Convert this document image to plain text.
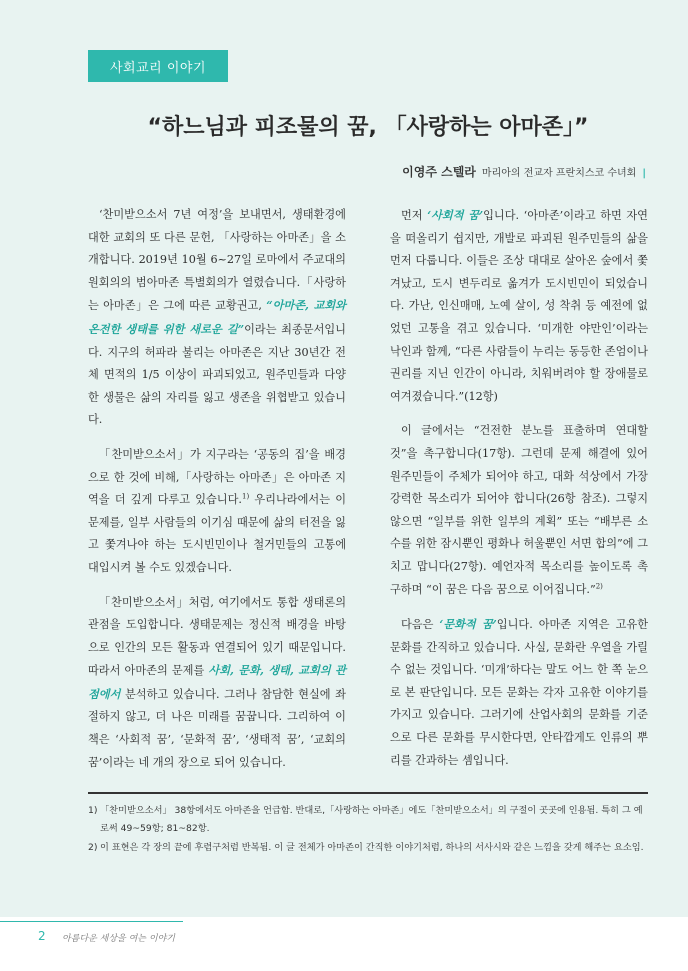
사회교리 이야기
“하느님과 피조물의 꿈, 「사랑하는 아마존」”
이영주 스텔라 마리아의 전교자 프란치스코 수녀회 |

‘찬미받으소서 7년 여정’을 보내면서, 생태환경에 대한 교회의 또 다른 문헌, 「사랑하는 아마존」을 소개합니다. 2019년 10월 6~27일 로마에서 주교대의원회의의 범아마존 특별회의가 열렸습니다.「사랑하는 아마존」은 그에 따른 교황권고, “아마존, 교회와 온전한 생태를 위한 새로운 길”이라는 최종문서입니다. 지구의 허파라 불리는 아마존은 지난 30년간 전체 면적의 1/5 이상이 파괴되었고, 원주민들과 다양한 생물은 삶의 자리를 잃고 생존을 위협받고 있습니다.

「찬미받으소서」가 지구라는 ‘공동의 집’을 배경으로 한 것에 비해,「사랑하는 아마존」은 아마존 지역을 더 깊게 다루고 있습니다.$^{1)}$ 우리나라에서는 이 문제를, 일부 사람들의 이기심 때문에 삶의 터전을 잃고 쫓겨나야 하는 도시빈민이나 철거민들의 고통에 대입시켜 볼 수도 있겠습니다.

「찬미받으소서」처럼, 여기에서도 통합 생태론의 관점을 도입합니다. 생태문제는 정신적 배경을 바탕으로 인간의 모든 활동과 연결되어 있기 때문입니다. 따라서 아마존의 문제를 사회, 문화, 생태, 교회의 관점에서 분석하고 있습니다. 그러나 참담한 현실에 좌절하지 않고, 더 나은 미래를 꿈꿉니다. 그리하여 이 책은 ‘사회적 꿈’, ‘문화적 꿈’, ‘생태적 꿈’, ‘교회의 꿈’이라는 네 개의 장으로 되어 있습니다.

먼저 ‘사회적 꿈’입니다. ‘아마존’이라고 하면 자연을 떠올리기 쉽지만, 개발로 파괴된 원주민들의 삶을 먼저 다룹니다. 이들은 조상 대대로 살아온 숲에서 쫓겨났고, 도시 변두리로 옮겨가 도시빈민이 되었습니다. 가난, 인신매매, 노예 살이, 성 착취 등 예전에 없었던 고통을 겪고 있습니다. ‘미개한 야만인’이라는 낙인과 함께, “다른 사람들이 누리는 동등한 존엄이나 권리를 지닌 인간이 아니라, 치워버려야 할 장애물로 여겨졌습니다.”(12항)

이 글에서는 “건전한 분노를 표출하며 연대할 것”을 촉구합니다(17항). 그런데 문제 해결에 있어 원주민들이 주체가 되어야 하고, 대화 석상에서 가장 강력한 목소리가 되어야 합니다(26항 참조). 그렇지 않으면 “일부를 위한 일부의 계획” 또는 “배부른 소수를 위한 잠시뿐인 평화나 허울뿐인 서면 합의”에 그치고 맙니다(27항). 예언자적 목소리를 높이도록 촉구하며 “이 꿈은 다음 꿈으로 이어집니다.”$^{2)}$

다음은 ‘문화적 꿈’입니다. 아마존 지역은 고유한 문화를 간직하고 있습니다. 사실, 문화란 우열을 가릴 수 없는 것입니다. ‘미개’하다는 말도 어느 한 쪽 눈으로 본 판단입니다. 모든 문화는 각자 고유한 이야기를 가지고 있습니다. 그러기에 산업사회의 문화를 기준으로 다른 문화를 무시한다면, 안타깝게도 인류의 뿌리를 간과하는 셈입니다.

1) 「찬미받으소서」 38항에서도 아마존을 언급함. 반대로,「사랑하는 아마존」에도「찬미받으소서」의 구절이 곳곳에 인용됨. 특히 그 예로써 49~59항; 81~82항.
2) 이 표현은 각 장의 끝에 후렴구처럼 반복됨. 이 글 전체가 아마존이 간직한 이야기처럼, 하나의 서사시와 같은 느낌을 갖게 해주는 요소임.
2 아름다운 세상을 여는 이야기
